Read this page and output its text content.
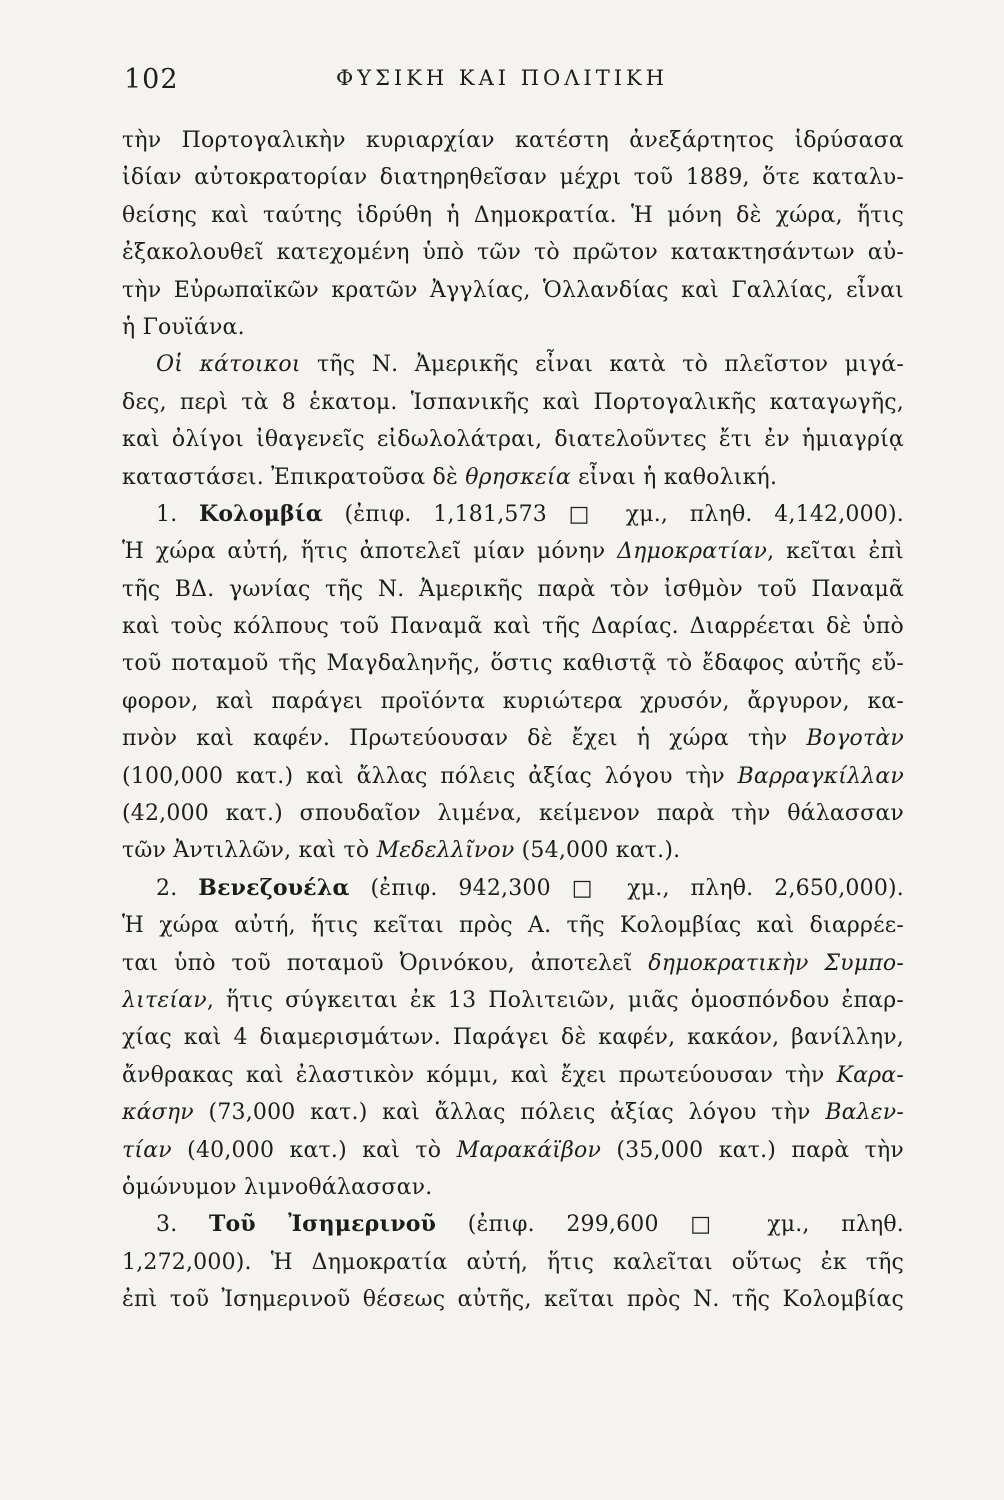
102	ΦΥΣΙΚΗ ΚΑΙ ΠΟΛΙΤΙΚΗ
τὴν Πορτογαλικὴν κυριαρχίαν κατέστη ἀνεξάρτητος ἱδρύσασα
ἰδίαν αὐτοκρατορίαν διατηρηθεῖσαν μέχρι τοῦ 1889, ὅτε καταλυ-
θείσης καὶ ταύτης ἱδρύθη ἡ Δημοκρατία. Ἡ μόνη δὲ χώρα, ἥτις
ἐξακολουθεῖ κατεχομένη ὑπὸ τῶν τὸ πρῶτον κατακτησάντων αὐ-
τὴν Εὐρωπαϊκῶν κρατῶν Ἀγγλίας, Ὁλλανδίας καὶ Γαλλίας, εἶναι
ἡ Γουϊάνα.
Οἱ κάτοικοι τῆς Ν. Ἀμερικῆς εἶναι κατὰ τὸ πλεῖστον μιγά-
δες, περὶ τὰ 8 ἑκατομ. Ἱσπανικῆς καὶ Πορτογαλικῆς καταγωγῆς,
καὶ ὀλίγοι ἰθαγενεῖς εἰδωλολάτραι, διατελοῦντες ἔτι ἐν ἡμιαγρίᾳ
καταστάσει. Ἐπικρατοῦσα δὲ θρησκεία εἶναι ἡ καθολική.
1. Κολομβία (ἐπιφ. 1,181,573 □ χμ., πληθ. 4,142,000).
Ἡ χώρα αὐτή, ἥτις ἀποτελεῖ μίαν μόνην Δημοκρατίαν, κεῖται ἐπὶ
τῆς ΒΔ. γωνίας τῆς Ν. Ἀμερικῆς παρὰ τὸν ἰσθμὸν τοῦ Παναμᾶ
καὶ τοὺς κόλπους τοῦ Παναμᾶ καὶ τῆς Δαρίας. Διαρρέεται δὲ ὑπὸ
τοῦ ποταμοῦ τῆς Μαγδαληνῆς, ὅστις καθιστᾷ τὸ ἔδαφος αὐτῆς εὔ-
φορον, καὶ παράγει προϊόντα κυριώτερα χρυσόν, ἄργυρον, κα-
πνὸν καὶ καφέν. Πρωτεύουσαν δὲ ἔχει ἡ χώρα τὴν Βογοτὰν
(100,000 κατ.) καὶ ἄλλας πόλεις ἀξίας λόγου τὴν Βαρραγκίλλαν
(42,000 κατ.) σπουδαῖον λιμένα, κείμενον παρὰ τὴν θάλασσαν
τῶν Ἀντιλλῶν, καὶ τὸ Μεδελλῖνον (54,000 κατ.).
2. Βενεζουέλα (ἐπιφ. 942,300 □ χμ., πληθ. 2,650,000).
Ἡ χώρα αὐτή, ἥτις κεῖται πρὸς Α. τῆς Κολομβίας καὶ διαρρέε-
ται ὑπὸ τοῦ ποταμοῦ Ὀρινόκου, ἀποτελεῖ δημοκρατικὴν Συμπο-
λιτείαν, ἥτις σύγκειται ἐκ 13 Πολιτειῶν, μιᾶς ὁμοσπόνδου ἐπαρ-
χίας καὶ 4 διαμερισμάτων. Παράγει δὲ καφέν, κακάον, βανίλλην,
ἄνθρακας καὶ ἐλαστικὸν κόμμι, καὶ ἔχει πρωτεύουσαν τὴν Καρα-
κάσην (73,000 κατ.) καὶ ἄλλας πόλεις ἀξίας λόγου τὴν Βαλεν-
τίαν (40,000 κατ.) καὶ τὸ Μαρακάϊβον (35,000 κατ.) παρὰ τὴν
ὁμώνυμον λιμνοθάλασσαν.
3. Τοῦ Ἰσημερινοῦ (ἐπιφ. 299,600 □ χμ., πληθ.
1,272,000). Ἡ Δημοκρατία αὐτή, ἥτις καλεῖται οὕτως ἐκ τῆς
ἐπὶ τοῦ Ἰσημερινοῦ θέσεως αὐτῆς, κεῖται πρὸς Ν. τῆς Κολομβίας
